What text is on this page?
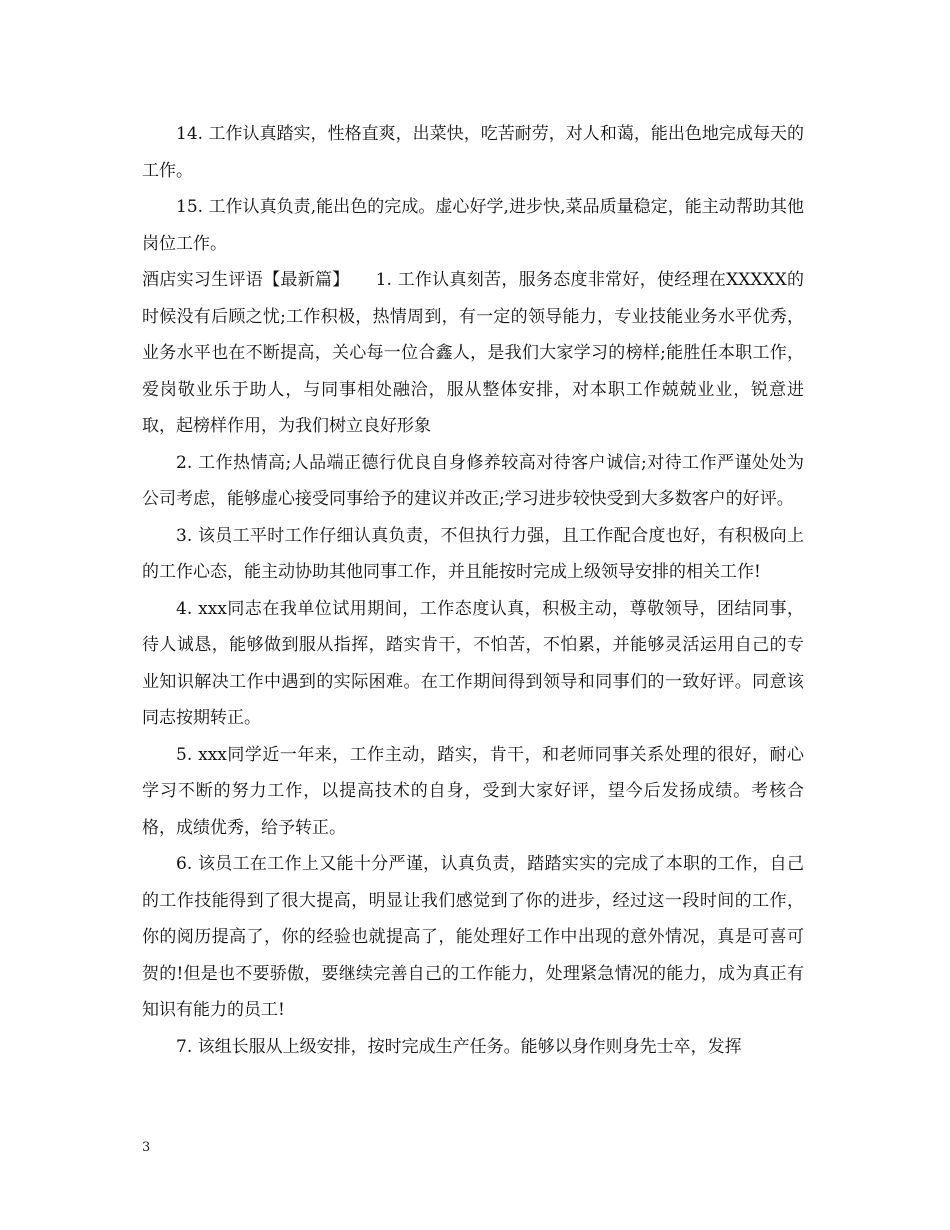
14. 工作认真踏实，性格直爽，出菜快，吃苦耐劳，对人和蔼，能出色地完成每天的工作。

15. 工作认真负责,能出色的完成。虚心好学,进步快,菜品质量稳定，能主动帮助其他岗位工作。

酒店实习生评语【最新篇】　　1. 工作认真刻苦，服务态度非常好，使经理在XXXXX的时候没有后顾之忧;工作积极，热情周到，有一定的领导能力，专业技能业务水平优秀，业务水平也在不断提高，关心每一位合鑫人，是我们大家学习的榜样;能胜任本职工作，爱岗敬业乐于助人，与同事相处融洽，服从整体安排，对本职工作兢兢业业，锐意进取，起榜样作用，为我们树立良好形象

2. 工作热情高;人品端正德行优良自身修养较高对待客户诚信;对待工作严谨处处为公司考虑，能够虚心接受同事给予的建议并改正;学习进步较快受到大多数客户的好评。

3. 该员工平时工作仔细认真负责，不但执行力强，且工作配合度也好，有积极向上的工作心态，能主动协助其他同事工作，并且能按时完成上级领导安排的相关工作!

4. xxx同志在我单位试用期间，工作态度认真，积极主动，尊敬领导，团结同事，待人诚恳，能够做到服从指挥，踏实肯干，不怕苦，不怕累，并能够灵活运用自己的专业知识解决工作中遇到的实际困难。在工作期间得到领导和同事们的一致好评。同意该同志按期转正。

5. xxx同学近一年来，工作主动，踏实，肯干，和老师同事关系处理的很好，耐心学习不断的努力工作，以提高技术的自身，受到大家好评，望今后发扬成绩。考核合格，成绩优秀，给予转正。

6. 该员工在工作上又能十分严谨，认真负责，踏踏实实的完成了本职的工作，自己的工作技能得到了很大提高，明显让我们感觉到了你的进步，经过这一段时间的工作，你的阅历提高了，你的经验也就提高了，能处理好工作中出现的意外情况，真是可喜可贺的!但是也不要骄傲，要继续完善自己的工作能力，处理紧急情况的能力，成为真正有知识有能力的员工!

7. 该组长服从上级安排，按时完成生产任务。能够以身作则身先士卒，发挥

3
